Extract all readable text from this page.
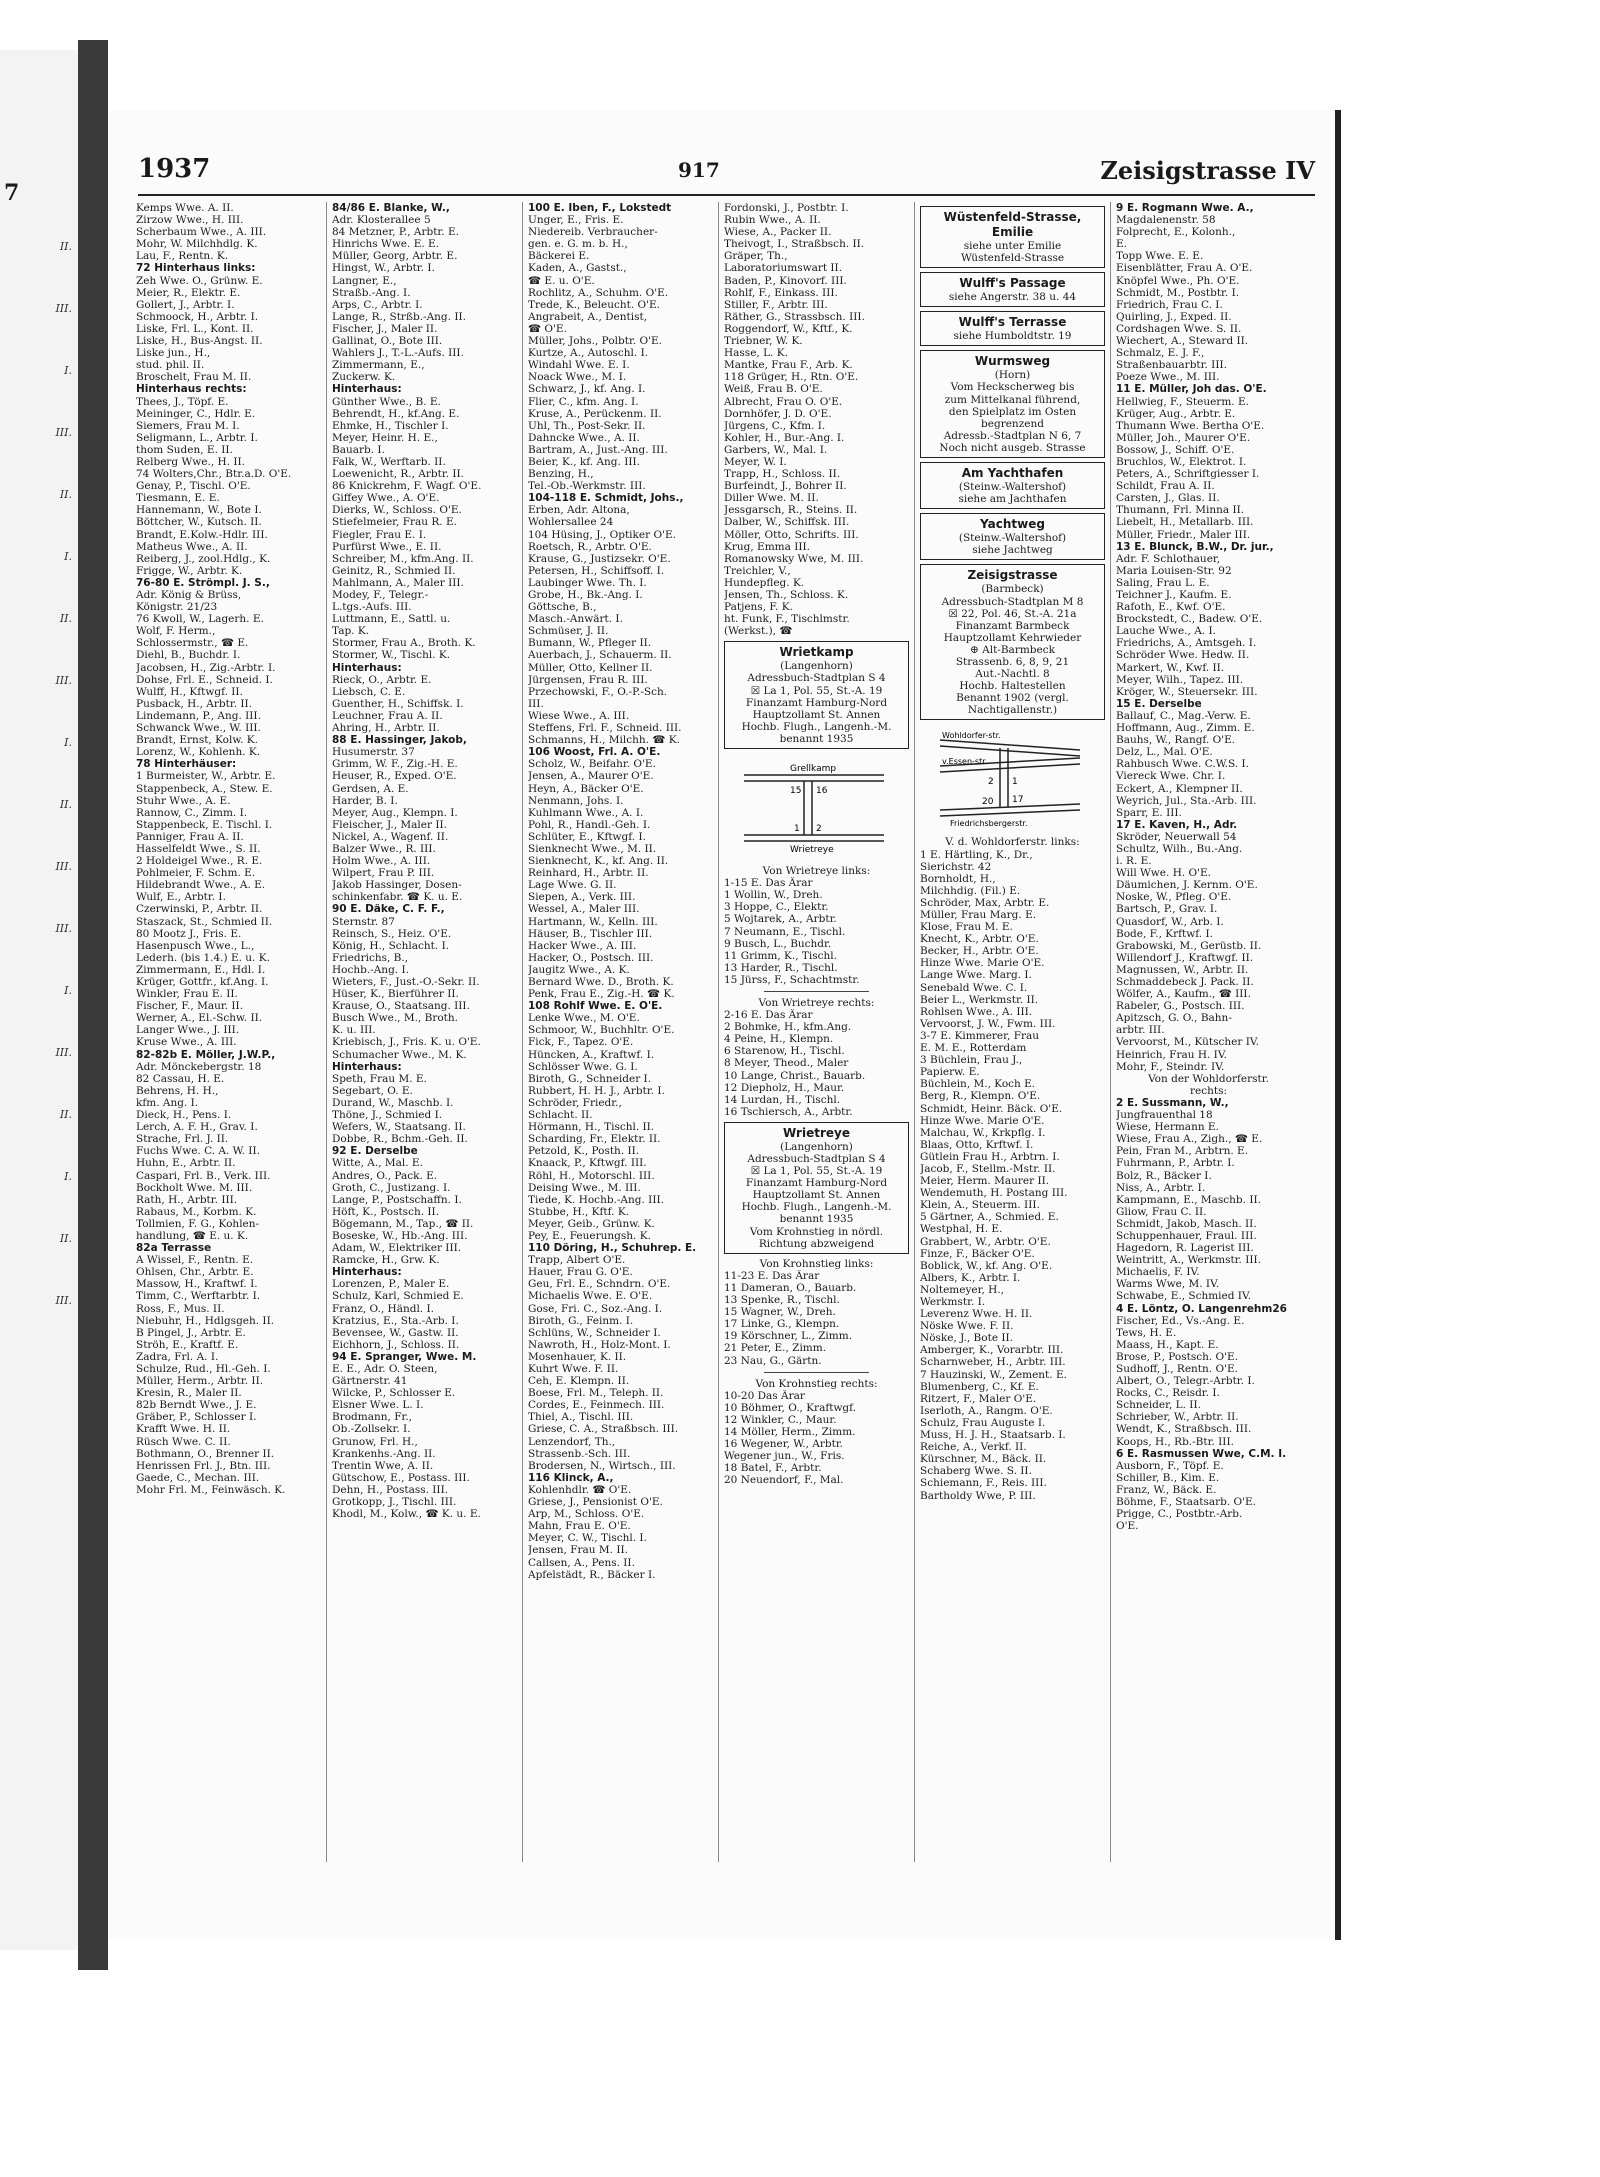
7
II.
III.
I.
III.
II.
I.
II.
III.
I.
II.
III.
III.
I.
III.
II.
I.
II.
III.
1937	917	Zeisigstrasse IV
Kemps Wwe. A. II.
Zirzow Wwe., H. III.
Scherbaum Wwe., A. III.
Mohr, W. Milchhdlg. K.
Lau, F., Rentn. K.
72 Hinterhaus links:
Zeh Wwe. O., Grünw. E.
Meier, R., Elektr. E.
Gollert, J., Arbtr. I.
Schmoock, H., Arbtr. I.
Liske, Frl. L., Kont. II.
Liske, H., Bus-Angst. II.
Liske jun., H.,
stud. phil. II.
Broschelt, Frau M. II.
Hinterhaus rechts:
Thees, J., Töpf. E.
Meininger, C., Hdlr. E.
Siemers, Frau M. I.
Seligmann, L., Arbtr. I.
thom Suden, E. II.
Relberg Wwe., H. II.
74 Wolters,Chr., Btr.a.D. O'E.
Genay, P., Tischl. O'E.
Tiesmann, E. E.
Hannemann, W., Bote I.
Böttcher, W., Kutsch. II.
Brandt, E.Kolw.-Hdlr. III.
Matheus Wwe., A. II.
Reiberg, J., zool.Hdlg., K.
Frigge, W., Arbtr. K.
76-80 E. Strömpl. J. S.,
Adr. König & Brüss,
Königstr. 21/23
76 Kwoll, W., Lagerh. E.
Wolf, F. Herm.,
Schlossermstr., ☎ E.
Diehl, B., Buchdr. I.
Jacobsen, H., Zig.-Arbtr. I.
Dohse, Frl. E., Schneid. I.
Wulff, H., Kftwgf. II.
Pusback, H., Arbtr. II.
Lindemann, P., Ang. III.
Schwanck Wwe., W. III.
Brandt, Ernst, Kolw. K.
Lorenz, W., Kohlenh. K.
78 Hinterhäuser:
1 Burmeister, W., Arbtr. E.
Stappenbeck, A., Stew. E.
Stuhr Wwe., A. E.
Rannow, C., Zimm. I.
Stappenbeck, E. Tischl. I.
Panniger, Frau A. II.
Hasselfeldt Wwe., S. II.
2 Holdeigel Wwe., R. E.
Pohlmeier, F. Schm. E.
Hildebrandt Wwe., A. E.
Wulf, E., Arbtr. I.
Czerwinski, P., Arbtr. II.
Staszack, St., Schmied II.
80 Mootz J., Fris. E.
Hasenpusch Wwe., L.,
Lederh. (bis 1.4.) E. u. K.
Zimmermann, E., Hdl. I.
Krüger, Gottfr., kf.Ang. I.
Winkler, Frau E. II.
Fischer, F., Maur. II.
Werner, A., El.-Schw. II.
Langer Wwe., J. III.
Kruse Wwe., A. III.
82-82b E. Möller, J.W.P.,
Adr. Mönckebergstr. 18
82 Cassau, H. E.
Behrens, H. H.,
kfm. Ang. I.
Dieck, H., Pens. I.
Lerch, A. F. H., Grav. I.
Strache, Frl. J. II.
Fuchs Wwe. C. A. W. II.
Huhn, E., Arbtr. II.
Caspari, Frl. B., Verk. III.
Bockholt Wwe. M. III.
Rath, H., Arbtr. III.
Rabaus, M., Korbm. K.
Tollmien, F. G., Kohlen-
handlung, ☎ E. u. K.
82a Terrasse
A Wissel, F., Rentn. E.
Ohlsen, Chr., Arbtr. E.
Massow, H., Kraftwf. I.
Timm, C., Werftarbtr. I.
Ross, F., Mus. II.
Niebuhr, H., Hdlgsgeh. II.
B Pingel, J., Arbtr. E.
Ströh, E., Kraftf. E.
Zadra, Frl. A. I.
Schulze, Rud., Hl.-Geh. I.
Müller, Herm., Arbtr. II.
Kresin, R., Maler II.
82b Berndt Wwe., J. E.
Gräber, P., Schlosser I.
Krafft Wwe. H. II.
Rüsch Wwe. C. II.
Bothmann, O., Brenner II.
Henrissen Frl. J., Btn. III.
Gaede, C., Mechan. III.
Mohr Frl. M., Feinwäsch. K.
84/86 E. Blanke, W.,
Adr. Klosterallee 5
84 Metzner, P., Arbtr. E.
Hinrichs Wwe. E. E.
Müller, Georg, Arbtr. E.
Hingst, W., Arbtr. I.
Langner, E.,
Straßb.-Ang. I.
Arps, C., Arbtr. I.
Lange, R., Strßb.-Ang. II.
Fischer, J., Maler II.
Gallinat, O., Bote III.
Wahlers J., T.-L.-Aufs. III.
Zimmermann, E.,
Zuckerw. K.
Hinterhaus:
Günther Wwe., B. E.
Behrendt, H., kf.Ang. E.
Ehmke, H., Tischler I.
Meyer, Heinr. H. E.,
Bauarb. I.
Falk, W., Werftarb. II.
Loewenicht, R., Arbtr. II.
86 Knickrehm, F. Wagf. O'E.
Giffey Wwe., A. O'E.
Dierks, W., Schloss. O'E.
Stiefelmeier, Frau R. E.
Fiegler, Frau E. I.
Purfürst Wwe., E. II.
Schreiber, M., kfm.Ang. II.
Geinitz, R., Schmied II.
Mahlmann, A., Maler III.
Modey, F., Telegr.-
L.tgs.-Aufs. III.
Luttmann, E., Sattl. u.
Tap. K.
Stormer, Frau A., Broth. K.
Stormer, W., Tischl. K.
Hinterhaus:
Rieck, O., Arbtr. E.
Liebsch, C. E.
Guenther, H., Schiffsk. I.
Leuchner, Frau A. II.
Ahring, H., Arbtr. II.
88 E. Hassinger, Jakob,
Husumerstr. 37
Grimm, W. F., Zig.-H. E.
Heuser, R., Exped. O'E.
Gerdsen, A. E.
Harder, B. I.
Meyer, Aug., Klempn. I.
Fleischer, J., Maler II.
Nickel, A., Wagenf. II.
Balzer Wwe., R. III.
Holm Wwe., A. III.
Wilpert, Frau P. III.
Jakob Hassinger, Dosen-
schinkenfabr. ☎ K. u. E.
90 E. Däke, C. F. F.,
Sternstr. 87
Reinsch, S., Heiz. O'E.
König, H., Schlacht. I.
Friedrichs, B.,
Hochb.-Ang. I.
Wieters, F., Just.-O.-Sekr. II.
Hüser, K., Bierführer II.
Krause, O., Staatsang. III.
Busch Wwe., M., Broth.
K. u. III.
Kriebisch, J., Fris. K. u. O'E.
Schumacher Wwe., M. K.
Hinterhaus:
Speth, Frau M. E.
Segebart, O. E.
Durand, W., Maschb. I.
Thöne, J., Schmied I.
Wefers, W., Staatsang. II.
Dobbe, R., Bchm.-Geh. II.
92 E. Derselbe
Witte, A., Mal. E.
Andres, O., Pack. E.
Groth, C., Justizang. I.
Lange, P., Postschaffn. I.
Höft, K., Postsch. II.
Bögemann, M., Tap., ☎ II.
Boseske, W., Hb.-Ang. III.
Adam, W., Elektriker III.
Ramcke, H., Grw. K.
Hinterhaus:
Lorenzen, P., Maler E.
Schulz, Karl, Schmied E.
Franz, O., Händl. I.
Kratzius, E., Sta.-Arb. I.
Bevensee, W., Gastw. II.
Eichhorn, J., Schloss. II.
94 E. Spranger, Wwe. M.
E. E., Adr. O. Steen,
Gärtnerstr. 41
Wilcke, P., Schlosser E.
Elsner Wwe. L. I.
Brodmann, Fr.,
Ob.-Zollsekr. I.
Grunow, Frl. H.,
Krankenhs.-Ang. II.
Trentin Wwe, A. II.
Gütschow, E., Postass. III.
Dehn, H., Postass. III.
Grotkopp, J., Tischl. III.
Khodl, M., Kolw., ☎ K. u. E.
100 E. Iben, F., Lokstedt
Unger, E., Fris. E.
Niedereib. Verbraucher-
gen. e. G. m. b. H.,
Bäckerei E.
Kaden, A., Gastst.,
☎ E. u. O'E.
Rochlitz, A., Schuhm. O'E.
Trede, K., Beleucht. O'E.
Angrabeit, A., Dentist,
☎ O'E.
Müller, Johs., Polbtr. O'E.
Kurtze, A., Autoschl. I.
Windahl Wwe. E. I.
Noack Wwe., M. I.
Schwarz, J., kf. Ang. I.
Flier, C., kfm. Ang. I.
Kruse, A., Perückenm. II.
Uhl, Th., Post-Sekr. II.
Dahncke Wwe., A. II.
Bartram, A., Just.-Ang. III.
Beier, K., kf. Ang. III.
Benzing, H.,
Tel.-Ob.-Werkmstr. III.
104-118 E. Schmidt, Johs.,
Erben, Adr. Altona,
Wohlersallee 24
104 Hüsing, J., Optiker O'E.
Roetsch, R., Arbtr. O'E.
Krause, G., Justizsekr. O'E.
Petersen, H., Schiffsoff. I.
Laubinger Wwe. Th. I.
Grobe, H., Bk.-Ang. I.
Göttsche, B.,
Masch.-Anwärt. I.
Schmüser, J. II.
Bumann, W., Pfleger II.
Auerbach, J., Schauerm. II.
Müller, Otto, Kellner II.
Jürgensen, Frau R. III.
Przechowski, F., O.-P.-Sch.
III.
Wiese Wwe., A. III.
Steffens, Frl. F., Schneid. III.
Schmanns, H., Milchh. ☎ K.
106 Woost, Frl. A. O'E.
Scholz, W., Beifahr. O'E.
Jensen, A., Maurer O'E.
Heyn, A., Bäcker O'E.
Nenmann, Johs. I.
Kuhlmann Wwe., A. I.
Pohl, R., Handl.-Geh. I.
Schlüter, E., Kftwgf. I.
Sienknecht Wwe., M. II.
Sienknecht, K., kf. Ang. II.
Reinhard, H., Arbtr. II.
Lage Wwe. G. II.
Siepen, A., Verk. III.
Wessel, A., Maler III.
Hartmann, W., Kelln. III.
Häuser, B., Tischler III.
Hacker Wwe., A. III.
Hacker, O., Postsch. III.
Jaugitz Wwe., A. K.
Bernard Wwe. D., Broth. K.
Penk, Frau E., Zig.-H. ☎ K.
108 Rohlf Wwe. E. O'E.
Lenke Wwe., M. O'E.
Schmoor, W., Buchhltr. O'E.
Fick, F., Tapez. O'E.
Hüncken, A., Kraftwf. I.
Schlösser Wwe. G. I.
Biroth, G., Schneider I.
Rubbert, H. H. J., Arbtr. I.
Schröder, Friedr.,
Schlacht. II.
Hörmann, H., Tischl. II.
Scharding, Fr., Elektr. II.
Petzold, K., Posth. II.
Knaack, P., Kftwgf. III.
Röhl, H., Motorschl. III.
Deising Wwe., M. III.
Tiede, K. Hochb.-Ang. III.
Stubbe, H., Kftf. K.
Meyer, Geib., Grünw. K.
Pey, E., Feuerungsh. K.
110 Döring, H., Schuhrep. E.
Trapp, Albert O'E.
Hauer, Frau G. O'E.
Geu, Frl. E., Schndrn. O'E.
Michaelis Wwe. E. O'E.
Gose, Fri. C., Soz.-Ang. I.
Biroth, G., Feinm. I.
Schlüns, W., Schneider I.
Nawroth, H., Holz-Mont. I.
Mosenhauer, K. II.
Kuhrt Wwe. F. II.
Ceh, E. Klempn. II.
Boese, Frl. M., Teleph. II.
Cordes, E., Feinmech. III.
Thiel, A., Tischl. III.
Griese, C. A., Straßbsch. III.
Lenzendorf, Th.,
Strassenb.-Sch. III.
Brodersen, N., Wirtsch., III.
116 Klinck, A.,
Kohlenhdlr. ☎ O'E.
Griese, J., Pensionist O'E.
Arp, M., Schloss. O'E.
Mahn, Frau E. O'E.
Meyer, C. W., Tischl. I.
Jensen, Frau M. II.
Callsen, A., Pens. II.
Apfelstädt, R., Bäcker I.
Fordonski, J., Postbtr. I.
Rubin Wwe., A. II.
Wiese, A., Packer II.
Theivogt, I., Straßbsch. II.
Gräper, Th.,
Laboratoriumswart II.
Baden, P., Kinovorf. III.
Rohlf, F., Einkass. III.
Stiller, F., Arbtr. III.
Räther, G., Strassbsch. III.
Roggendorf, W., Kftf., K.
Triebner, W. K.
Hasse, L. K.
Mantke, Frau F., Arb. K.
118 Grüger, H., Rtn. O'E.
Weiß, Frau B. O'E.
Albrecht, Frau O. O'E.
Dornhöfer, J. D. O'E.
Jürgens, C., Kfm. I.
Kohler, H., Bur.-Ang. I.
Garbers, W., Mal. I.
Meyer, W. I.
Trapp, H., Schloss. II.
Burfeindt, J., Bohrer II.
Diller Wwe. M. II.
Jessgarsch, R., Steins. II.
Dalber, W., Schiffsk. III.
Möller, Otto, Schrifts. III.
Krug, Emma III.
Romanowsky Wwe, M. III.
Treichler, V.,
Hundepfleg. K.
Jensen, Th., Schloss. K.
Patjens, F. K.
ht. Funk, F., Tischlmstr.
(Werkst.), ☎
Wrietkamp
(Langenhorn)
Adressbuch-Stadtplan S 4
☒ La 1, Pol. 55, St.-A. 19
Finanzamt Hamburg-Nord
Hauptzollamt St. Annen
Hochb. Flugh., Langenh.-M.
benannt 1935
Grellkamp
Wrietreye
15 16
1 2
Von Wrietreye links:
1-15 E. Das Ärar
1 Wollin, W., Dreh.
3 Hoppe, C., Elektr.
5 Wojtarek, A., Arbtr.
7 Neumann, E., Tischl.
9 Busch, L., Buchdr.
11 Grimm, K., Tischl.
13 Harder, R., Tischl.
15 Jürss, F., Schachtmstr.
Von Wrietreye rechts:
2-16 E. Das Ärar
2 Bohmke, H., kfm.Ang.
4 Peine, H., Klempn.
6 Starenow, H., Tischl.
8 Meyer, Theod., Maler
10 Lange, Christ., Bauarb.
12 Diepholz, H., Maur.
14 Lurdan, H., Tischl.
16 Tschiersch, A., Arbtr.
Wrietreye
(Langenhorn)
Adressbuch-Stadtplan S 4
☒ La 1, Pol. 55, St.-A. 19
Finanzamt Hamburg-Nord
Hauptzollamt St. Annen
Hochb. Flugh., Langenh.-M.
benannt 1935
Vom Krohnstieg in nördl.
Richtung abzweigend
Von Krohnstieg links:
11-23 E. Das Ärar
11 Dameran, O., Bauarb.
13 Spenke, R., Tischl.
15 Wagner, W., Dreh.
17 Linke, G., Klempn.
19 Körschner, L., Zimm.
21 Peter, E., Zimm.
23 Nau, G., Gärtn.
Von Krohnstieg rechts:
10-20 Das Ärar
10 Böhmer, O., Kraftwgf.
12 Winkler, C., Maur.
14 Möller, Herm., Zimm.
16 Wegener, W., Arbtr.
Wegener jun., W., Fris.
18 Batel, F., Arbtr.
20 Neuendorf, F., Mal.
Wüstenfeld-Strasse, Emilie
siehe unter Emilie
Wüstenfeld-Strasse
Wulff's Passage
siehe Angerstr. 38 u. 44
Wulff's Terrasse
siehe Humboldtstr. 19
Wurmsweg
(Horn)
Vom Heckscherweg bis
zum Mittelkanal führend,
den Spielplatz im Osten
begrenzend
Adressb.-Stadtplan N 6, 7
Noch nicht ausgeb. Strasse
Am Yachthafen
(Steinw.-Waltershof)
siehe am Jachthafen
Yachtweg
(Steinw.-Waltershof)
siehe Jachtweg
Zeisigstrasse
(Barmbeck)
Adressbuch-Stadtplan M 8
☒ 22, Pol. 46, St.-A. 21a
Finanzamt Barmbeck
Hauptzollamt Kehrwieder
⊕ Alt-Barmbeck
Strassenb. 6, 8, 9, 21
Aut.-Nachtl. 8
Hochb. Haltestellen
Benannt 1902 (vergl.
Nachtigallenstr.)
Wohldorfer-str.
v.Essen-str.
Friedrichsbergerstr.
2 1
20 17
V. d. Wohldorferstr. links:
1 E. Härtling, K., Dr.,
Sierichstr. 42
Bornholdt, H.,
Milchhdig. (Fil.) E.
Schröder, Max, Arbtr. E.
Müller, Frau Marg. E.
Klose, Frau M. E.
Knecht, K., Arbtr. O'E.
Becker, H., Arbtr. O'E.
Hinze Wwe. Marie O'E.
Lange Wwe. Marg. I.
Senebald Wwe. C. I.
Beier L., Werkmstr. II.
Rohlsen Wwe., A. III.
Vervoorst, J. W., Fwm. III.
3-7 E. Kimmerer, Frau
E. M. E., Rotterdam
3 Büchlein, Frau J.,
Papierw. E.
Büchlein, M., Koch E.
Berg, R., Klempn. O'E.
Schmidt, Heinr. Bäck. O'E.
Hinze Wwe. Marie O'E.
Malchau, W., Krkpflg. I.
Blaas, Otto, Krftwf. I.
Gütlein Frau H., Arbtrn. I.
Jacob, F., Stellm.-Mstr. II.
Meier, Herm. Maurer II.
Wendemuth, H. Postang III.
Klein, A., Steuerm. III.
5 Gärtner, A., Schmied. E.
Westphal, H. E.
Grabbert, W., Arbtr. O'E.
Finze, F., Bäcker O'E.
Boblick, W., kf. Ang. O'E.
Albers, K., Arbtr. I.
Noltemeyer, H.,
Werkmstr. I.
Leverenz Wwe. H. II.
Nöske Wwe. F. II.
Nöske, J., Bote II.
Amberger, K., Vorarbtr. III.
Scharnweber, H., Arbtr. III.
7 Hauzinski, W., Zement. E.
Blumenberg, C., Kf. E.
Ritzert, F., Maler O'E.
Iserloth, A., Rangm. O'E.
Schulz, Frau Auguste I.
Muss, H. J. H., Staatsarb. I.
Reiche, A., Verkf. II.
Kürschner, M., Bäck. II.
Schaberg Wwe. S. II.
Schiemann, F., Reis. III.
Bartholdy Wwe, P. III.
9 E. Rogmann Wwe. A.,
Magdalenenstr. 58
Folprecht, E., Kolonh.,
E.
Topp Wwe. E. E.
Eisenblätter, Frau A. O'E.
Knöpfel Wwe., Ph. O'E.
Schmidt, M., Postbtr. I.
Friedrich, Frau C. I.
Quirling, J., Exped. II.
Cordshagen Wwe. S. II.
Wiechert, A., Steward II.
Schmalz, E. J. F.,
Straßenbauarbtr. III.
Poeze Wwe., M. III.
11 E. Müller, Joh das. O'E.
Hellwieg, F., Steuerm. E.
Krüger, Aug., Arbtr. E.
Thumann Wwe. Bertha O'E.
Müller, Joh., Maurer O'E.
Bossow, J., Schiff. O'E.
Bruchlos, W., Elektrot. I.
Peters, A., Schriftgiesser I.
Schildt, Frau A. II.
Carsten, J., Glas. II.
Thumann, Frl. Minna II.
Liebelt, H., Metallarb. III.
Müller, Friedr., Maler III.
13 E. Blunck, B.W., Dr. jur.,
Adr. F. Schlothauer,
Maria Louisen-Str. 92
Saling, Frau L. E.
Teichner J., Kaufm. E.
Rafoth, E., Kwf. O'E.
Brockstedt, C., Badew. O'E.
Lauche Wwe., A. I.
Friedrichs, A., Amtsgeh. I.
Schröder Wwe. Hedw. II.
Markert, W., Kwf. II.
Meyer, Wilh., Tapez. III.
Kröger, W., Steuersekr. III.
15 E. Derselbe
Ballauf, C., Mag.-Verw. E.
Hoffmann, Aug., Zimm. E.
Bauhs, W., Rangf. O'E.
Delz, L., Mal. O'E.
Rahbusch Wwe. C.W.S. I.
Viereck Wwe. Chr. I.
Eckert, A., Klempner II.
Weyrich, Jul., Sta.-Arb. III.
Sparr, E. III.
17 E. Kaven, H., Adr.
Skröder, Neuerwall 54
Schultz, Wilh., Bu.-Ang.
i. R. E.
Will Wwe. H. O'E.
Däumichen, J. Kernm. O'E.
Noske, W., Pfleg. O'E.
Bartsch, P., Grav. I.
Quasdorf, W., Arb. I.
Bode, F., Krftwf. I.
Grabowski, M., Gerüstb. II.
Willendorf J., Kraftwgf. II.
Magnussen, W., Arbtr. II.
Schmaddebeck J. Pack. II.
Wölfer, A., Kaufm., ☎ III.
Rabeler, G., Postsch. III.
Apitzsch, G. O., Bahn-
arbtr. III.
Vervoorst, M., Kütscher IV.
Heinrich, Frau H. IV.
Mohr, F., Steindr. IV.
Von der Wohldorferstr.
rechts:
2 E. Sussmann, W.,
Jungfrauenthal 18
Wiese, Hermann E.
Wiese, Frau A., Zigh., ☎ E.
Pein, Fran M., Arbtrn. E.
Fuhrmann, P., Arbtr. I.
Bolz, R., Bäcker I.
Niss, A., Arbtr. I.
Kampmann, E., Maschb. II.
Gliow, Frau C. II.
Schmidt, Jakob, Masch. II.
Schuppenhauer, Fraul. III.
Hagedorn, R. Lagerist III.
Weintritt, A., Werkmstr. III.
Michaelis, F. IV.
Warms Wwe, M. IV.
Schwabe, E., Schmied IV.
4 E. Löntz, O. Langenrehm26
Fischer, Ed., Vs.-Ang. E.
Tews, H. E.
Maass, H., Kapt. E.
Brose, P., Postsch. O'E.
Sudhoff, J., Rentn. O'E.
Albert, O., Telegr.-Arbtr. I.
Rocks, C., Reisdr. I.
Schneider, L. II.
Schrieber, W., Arbtr. II.
Wendt, K., Straßbsch. III.
Koops, H., Rb.-Btr. III.
6 E. Rasmussen Wwe, C.M. I.
Ausborn, F., Töpf. E.
Schiller, B., Kim. E.
Franz, W., Bäck. E.
Böhme, F., Staatsarb. O'E.
Prigge, C., Postbtr.-Arb.
O'E.
